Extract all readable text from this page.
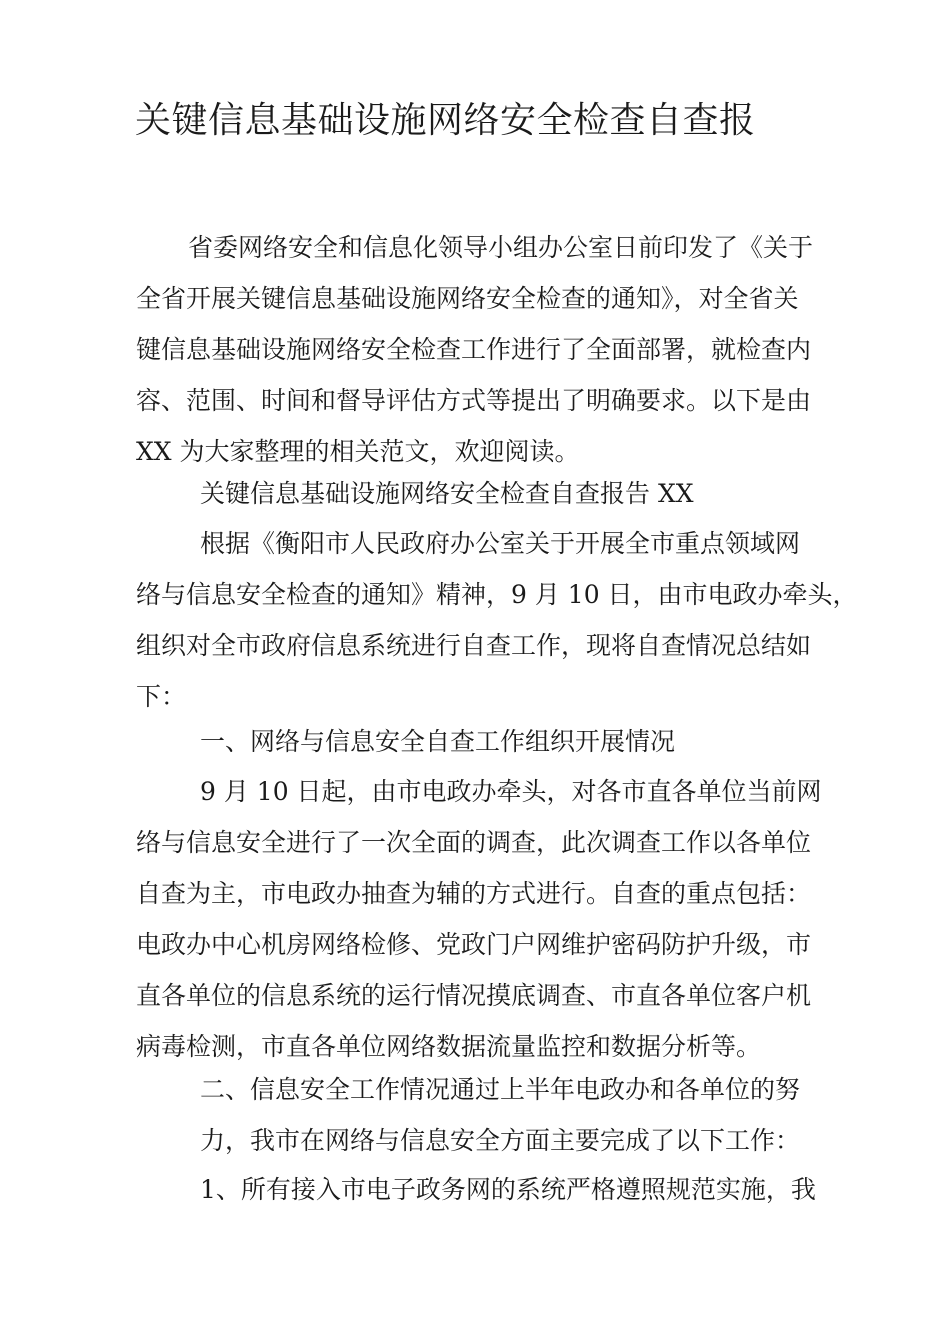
关键信息基础设施网络安全检查自查报
省委网络安全和信息化领导小组办公室日前印发了《关于
全省开展关键信息基础设施网络安全检查的通知》，对全省关
键信息基础设施网络安全检查工作进行了全面部署，就检查内
容、范围、时间和督导评估方式等提出了明确要求。以下是由
XX 为大家整理的相关范文，欢迎阅读。
关键信息基础设施网络安全检查自查报告 XX
根据《衡阳市人民政府办公室关于开展全市重点领域网
络与信息安全检查的通知》精神，9 月 10 日，由市电政办牵头，
组织对全市政府信息系统进行自查工作，现将自查情况总结如
下：
一、网络与信息安全自查工作组织开展情况
9 月 10 日起，由市电政办牵头，对各市直各单位当前网
络与信息安全进行了一次全面的调查，此次调查工作以各单位
自查为主，市电政办抽查为辅的方式进行。自查的重点包括：
电政办中心机房网络检修、党政门户网维护密码防护升级，市
直各单位的信息系统的运行情况摸底调查、市直各单位客户机
病毒检测，市直各单位网络数据流量监控和数据分析等。
二、信息安全工作情况通过上半年电政办和各单位的努
力，我市在网络与信息安全方面主要完成了以下工作：
1、所有接入市电子政务网的系统严格遵照规范实施，我
